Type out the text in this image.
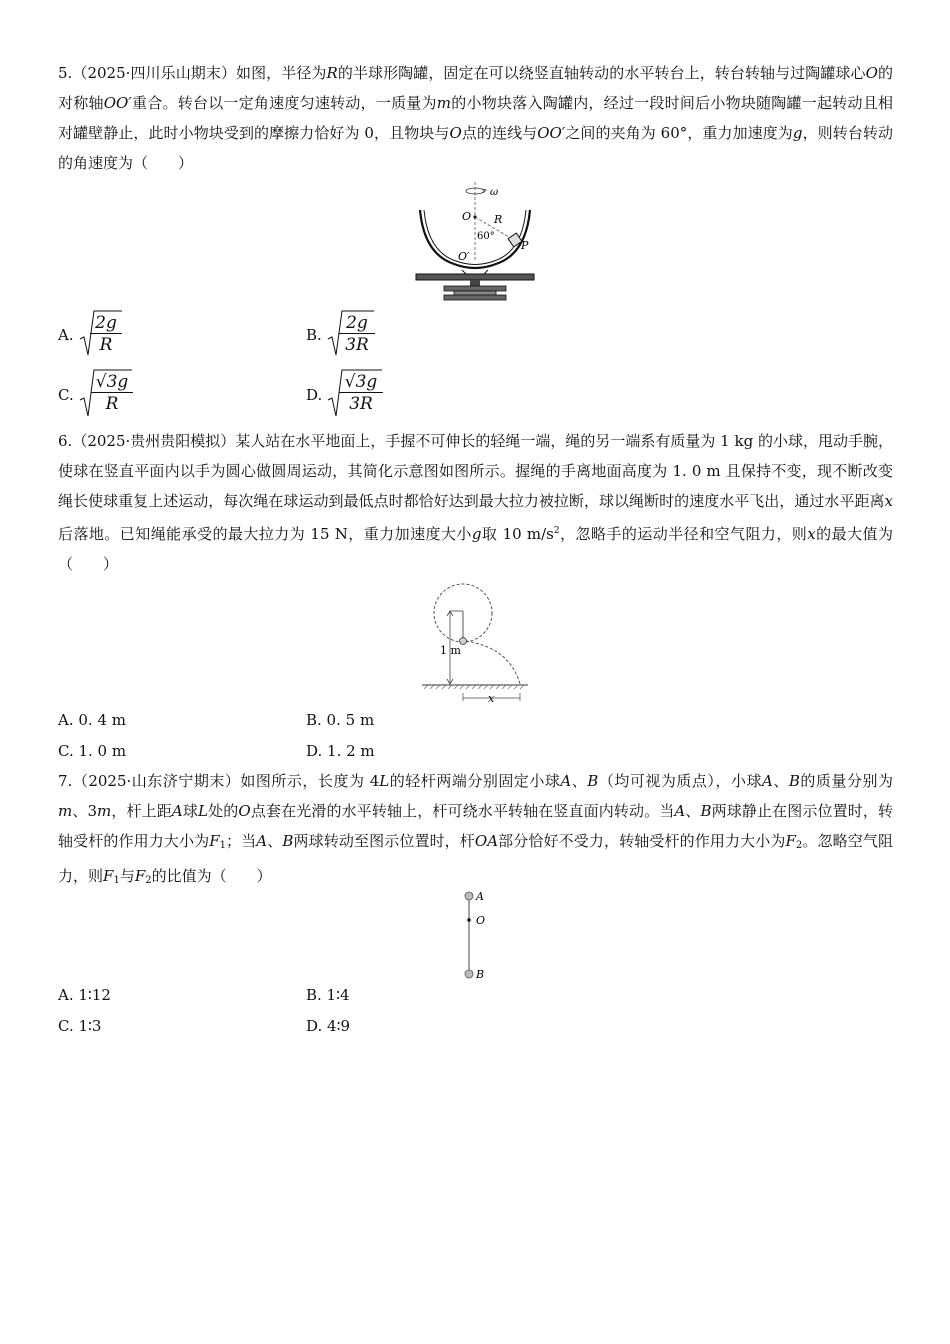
5.（2025·四川乐山期末）如图，半径为R的半球形陶罐，固定在可以绕竖直轴转动的水平转台上，转台转轴与过陶罐球心O的对称轴OO′重合。转台以一定角速度匀速转动，一质量为m的小物块落入陶罐内，经过一段时间后小物块随陶罐一起转动且相对罐壁静止，此时小物块受到的摩擦力恰好为 0，且物块与O点的连线与OO′之间的夹角为 60°，重力加速度为g，则转台转动的角速度为（　　）

ω
O R
60°
P
O′
A. $\frac{2g}{R}$	B. $\frac{2g}{3R}$
C. $\frac{√3g}{R}$	D. $\frac{√3g}{3R}$

6.（2025·贵州贵阳模拟）某人站在水平地面上，手握不可伸长的轻绳一端，绳的另一端系有质量为 1 kg 的小球，甩动手腕，使球在竖直平面内以手为圆心做圆周运动，其简化示意图如图所示。握绳的手离地面高度为 1. 0 m 且保持不变，现不断改变绳长使球重复上述运动，每次绳在球运动到最低点时都恰好达到最大拉力被拉断，球以绳断时的速度水平飞出，通过水平距离x后落地。已知绳能承受的最大拉力为 15 N，重力加速度大小g取 10 $m/s^2$，忽略手的运动半径和空气阻力，则x的最大值为（　　）

1 m
x
A. 0. 4 m	B. 0. 5 m
C. 1. 0 m	D. 1. 2 m

7.（2025·山东济宁期末）如图所示，长度为 4L的轻杆两端分别固定小球A、B（均可视为质点），小球A、B的质量分别为m、3m，杆上距A球L处的O点套在光滑的水平转轴上，杆可绕水平转轴在竖直面内转动。当A、B两球静止在图示位置时，转轴受杆的作用力大小为$F_1$；当A、B两球转动至图示位置时，杆OA部分恰好不受力，转轴受杆的作用力大小为$F_2$。忽略空气阻力，则$F_1$与$F_2$的比值为（　　）

A
O
B
A. 1∶12	B. 1∶4
C. 1∶3	D. 4∶9
